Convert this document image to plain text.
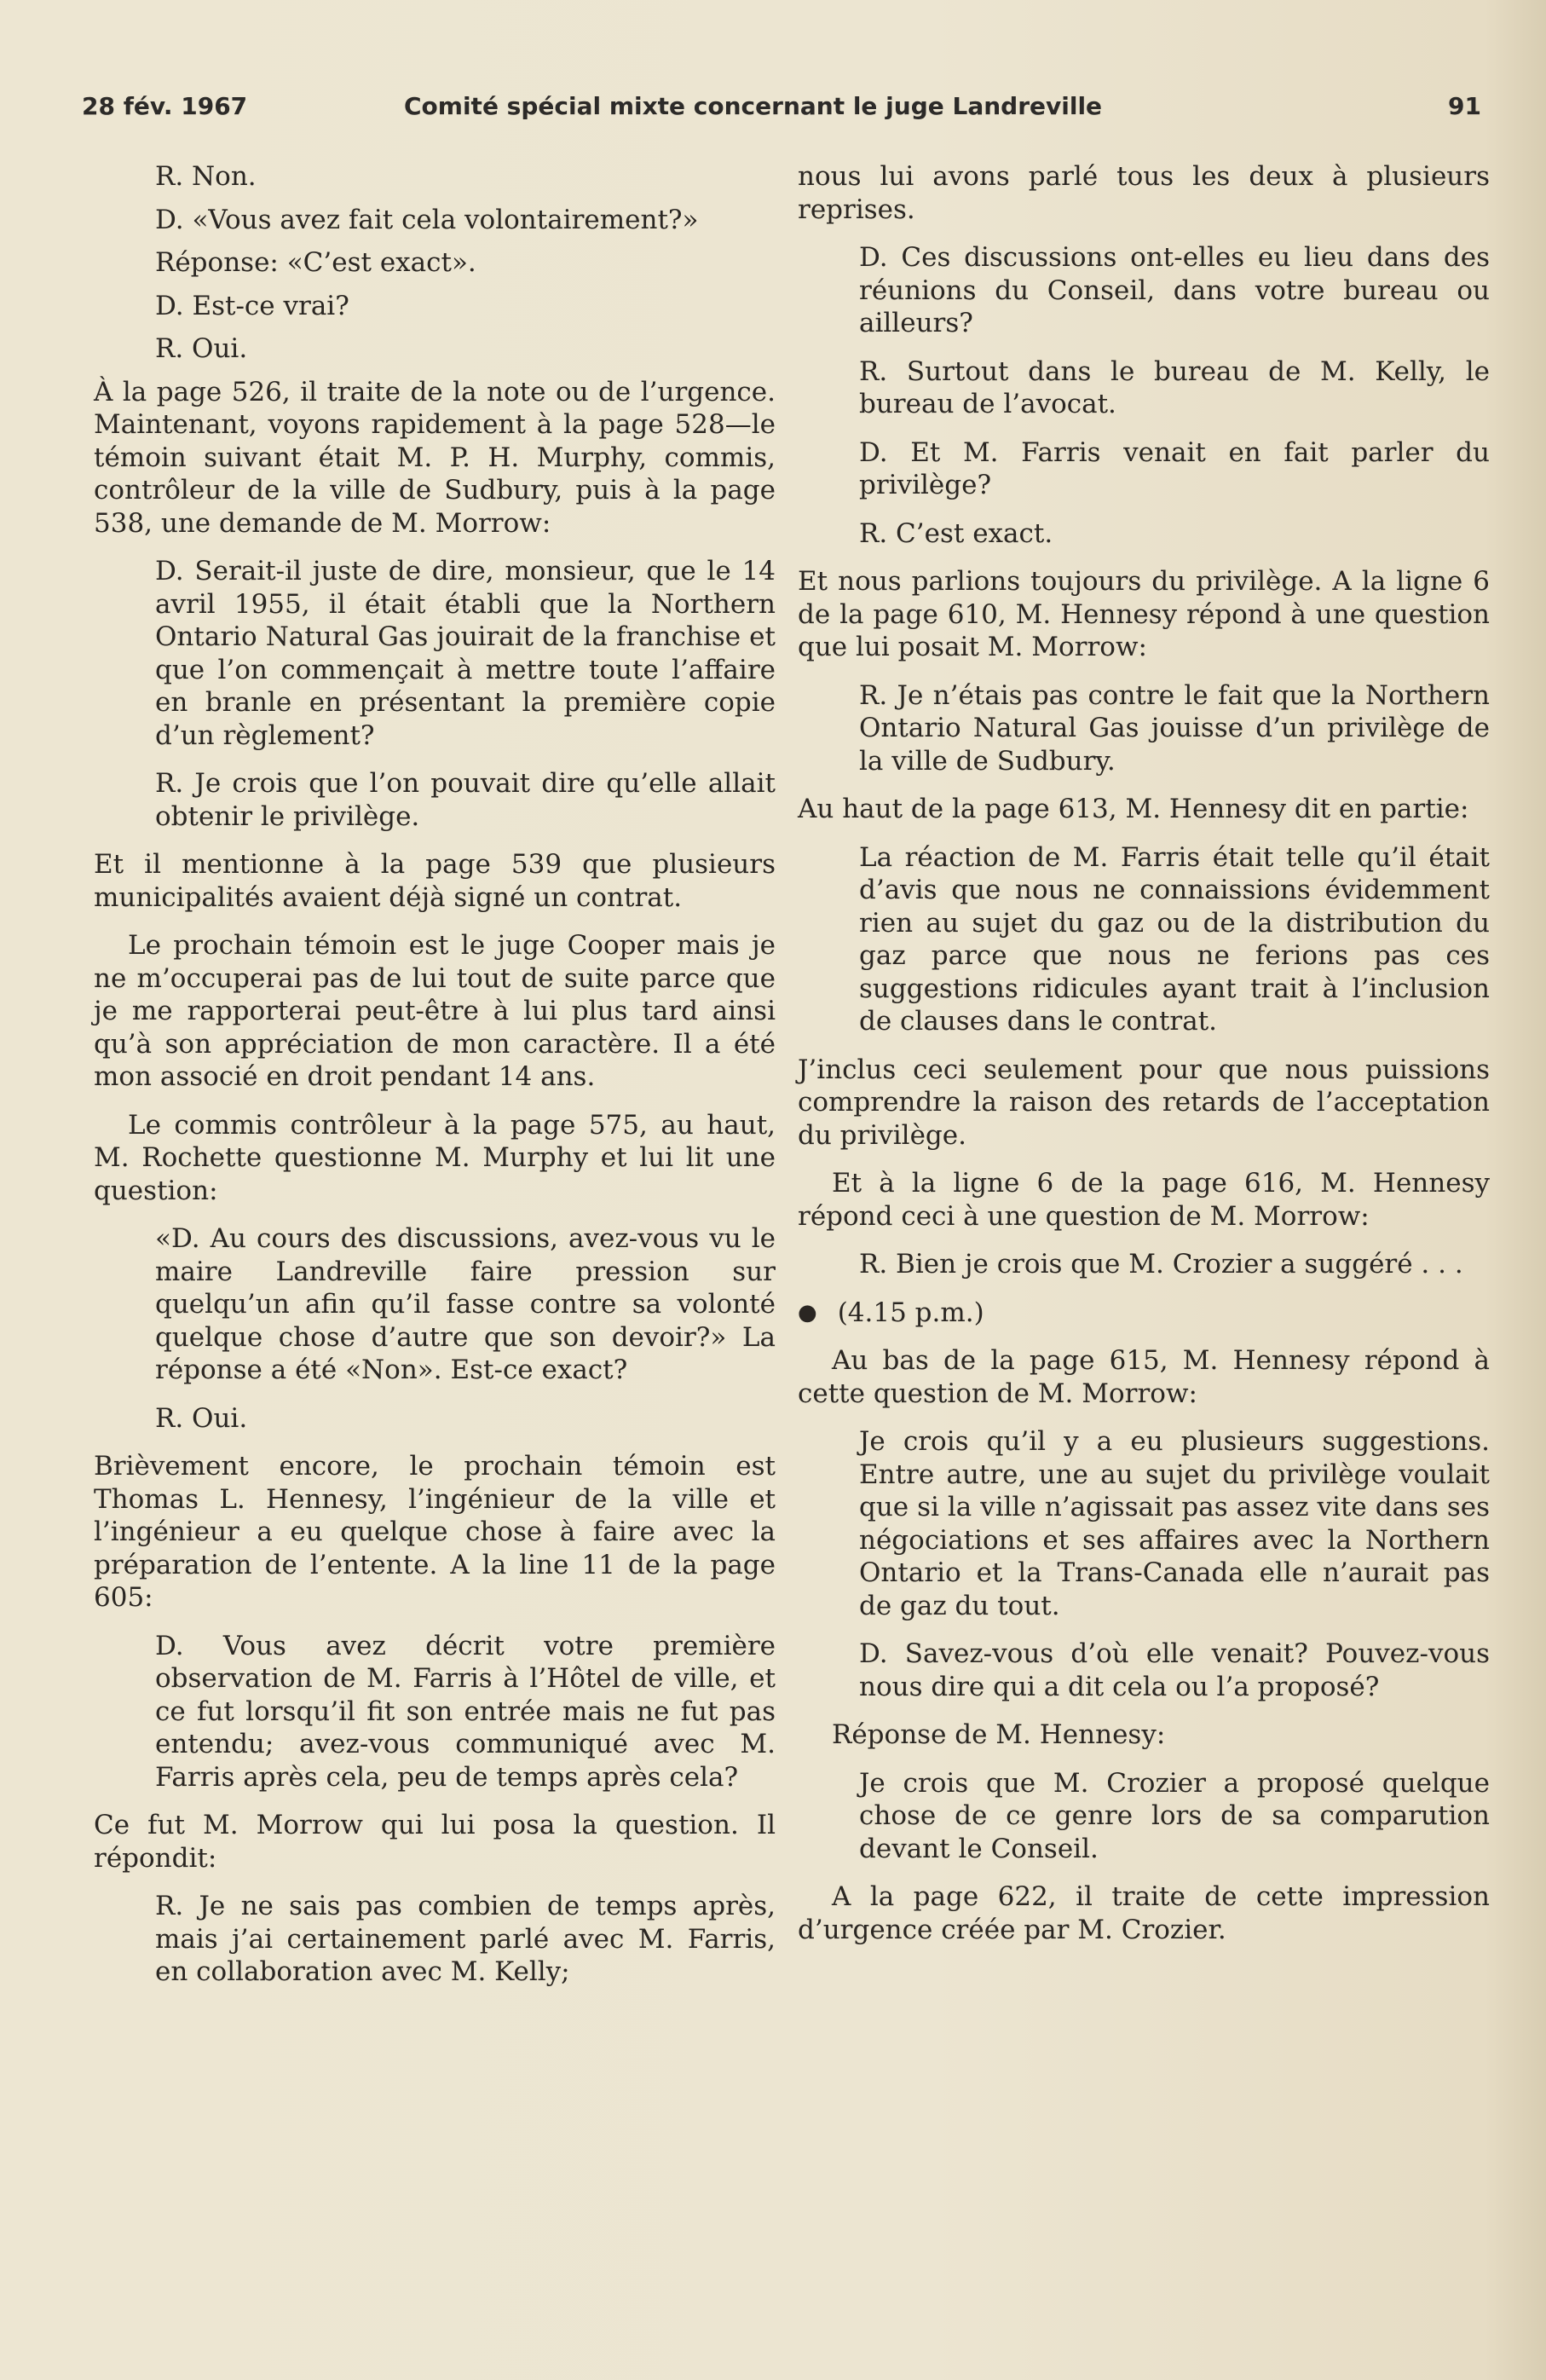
28 fév. 1967	Comité spécial mixte concernant le juge Landreville	91

R. Non.

D. «Vous avez fait cela volontairement?»

Réponse: «C’est exact».

D. Est-ce vrai?

R. Oui.

À la page 526, il traite de la note ou de l’urgence. Maintenant, voyons rapidement à la page 528—le témoin suivant était M. P. H. Murphy, commis, contrôleur de la ville de Sudbury, puis à la page 538, une demande de M. Morrow:

D. Serait-il juste de dire, monsieur, que le 14 avril 1955, il était établi que la Northern Ontario Natural Gas jouirait de la franchise et que l’on commençait à mettre toute l’affaire en branle en présentant la première copie d’un règlement?

R. Je crois que l’on pouvait dire qu’elle allait obtenir le privilège.

Et il mentionne à la page 539 que plusieurs municipalités avaient déjà signé un contrat.

Le prochain témoin est le juge Cooper mais je ne m’occuperai pas de lui tout de suite parce que je me rapporterai peut-être à lui plus tard ainsi qu’à son appréciation de mon caractère. Il a été mon associé en droit pendant 14 ans.

Le commis contrôleur à la page 575, au haut, M. Rochette questionne M. Murphy et lui lit une question:

«D. Au cours des discussions, avez-vous vu le maire Landreville faire pression sur quelqu’un afin qu’il fasse contre sa volonté quelque chose d’autre que son devoir?» La réponse a été «Non». Est-ce exact?

R. Oui.

Brièvement encore, le prochain témoin est Thomas L. Hennesy, l’ingénieur de la ville et l’ingénieur a eu quelque chose à faire avec la préparation de l’entente. A la line 11 de la page 605:

D. Vous avez décrit votre première observation de M. Farris à l’Hôtel de ville, et ce fut lorsqu’il fit son entrée mais ne fut pas entendu; avez-vous communiqué avec M. Farris après cela, peu de temps après cela?

Ce fut M. Morrow qui lui posa la question. Il répondit:

R. Je ne sais pas combien de temps après, mais j’ai certainement parlé avec M. Farris, en collaboration avec M. Kelly;

nous lui avons parlé tous les deux à plusieurs reprises.

D. Ces discussions ont-elles eu lieu dans des réunions du Conseil, dans votre bureau ou ailleurs?

R. Surtout dans le bureau de M. Kelly, le bureau de l’avocat.

D. Et M. Farris venait en fait parler du privilège?

R. C’est exact.

Et nous parlions toujours du privilège. A la ligne 6 de la page 610, M. Hennesy répond à une question que lui posait M. Morrow:

R. Je n’étais pas contre le fait que la Northern Ontario Natural Gas jouisse d’un privilège de la ville de Sudbury.

Au haut de la page 613, M. Hennesy dit en partie:

La réaction de M. Farris était telle qu’il était d’avis que nous ne connaissions évidemment rien au sujet du gaz ou de la distribution du gaz parce que nous ne ferions pas ces suggestions ridicules ayant trait à l’inclusion de clauses dans le contrat.

J’inclus ceci seulement pour que nous puissions comprendre la raison des retards de l’acceptation du privilège.

Et à la ligne 6 de la page 616, M. Hennesy répond ceci à une question de M. Morrow:

R. Bien je crois que M. Crozier a suggéré . . .

● (4.15 p.m.)

Au bas de la page 615, M. Hennesy répond à cette question de M. Morrow:

Je crois qu’il y a eu plusieurs suggestions. Entre autre, une au sujet du privilège voulait que si la ville n’agissait pas assez vite dans ses négociations et ses affaires avec la Northern Ontario et la Trans-Canada elle n’aurait pas de gaz du tout.

D. Savez-vous d’où elle venait? Pouvez-vous nous dire qui a dit cela ou l’a proposé?

Réponse de M. Hennesy:

Je crois que M. Crozier a proposé quelque chose de ce genre lors de sa comparution devant le Conseil.

A la page 622, il traite de cette impression d’urgence créée par M. Crozier.
